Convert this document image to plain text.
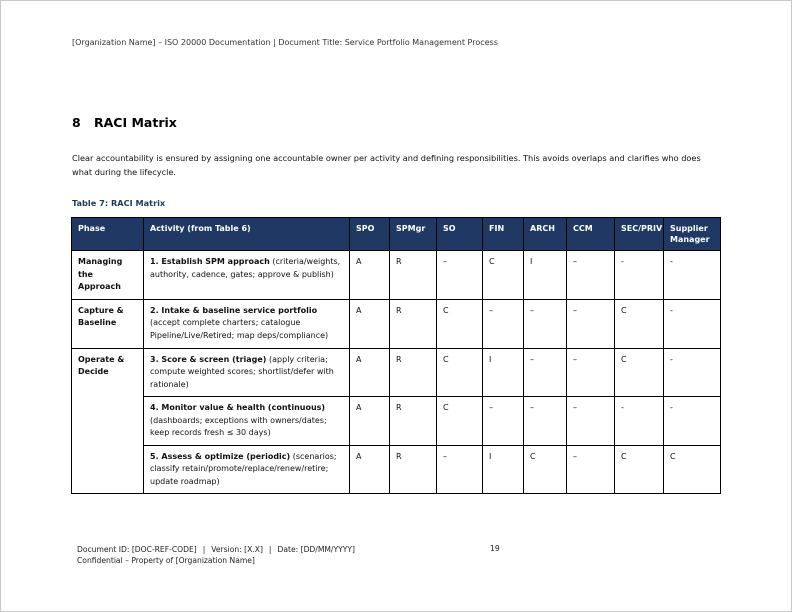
[Organization Name] – ISO 20000 Documentation | Document Title: Service Portfolio Management Process
8 RACI Matrix
Clear accountability is ensured by assigning one accountable owner per activity and defining responsibilities. This avoids overlaps and clarifies who does what during the lifecycle.
Table 7: RACI Matrix
Phase	Activity (from Table 6)	SPO	SPMgr	SO	FIN	ARCH	CCM	SEC/PRIV	Supplier Manager
Managing the Approach	1. Establish SPM approach (criteria/weights, authority, cadence, gates; approve & publish)	A	R	–	C	I	–	-	-
Capture & Baseline	2. Intake & baseline service portfolio (accept complete charters; catalogue Pipeline/Live/Retired; map deps/compliance)	A	R	C	–	–	–	C	-
Operate & Decide	3. Score & screen (triage) (apply criteria; compute weighted scores; shortlist/defer with rationale)	A	R	C	I	–	–	C	-
	4. Monitor value & health (continuous) (dashboards; exceptions with owners/dates; keep records fresh ≤ 30 days)	A	R	C	–	–	–	-	-
	5. Assess & optimize (periodic) (scenarios; classify retain/promote/replace/renew/retire; update roadmap)	A	R	–	I	C	–	C	C
Document ID: [DOC-REF-CODE] | Version: [X.X] | Date: [DD/MM/YYYY]
Confidential – Property of [Organization Name]
19
